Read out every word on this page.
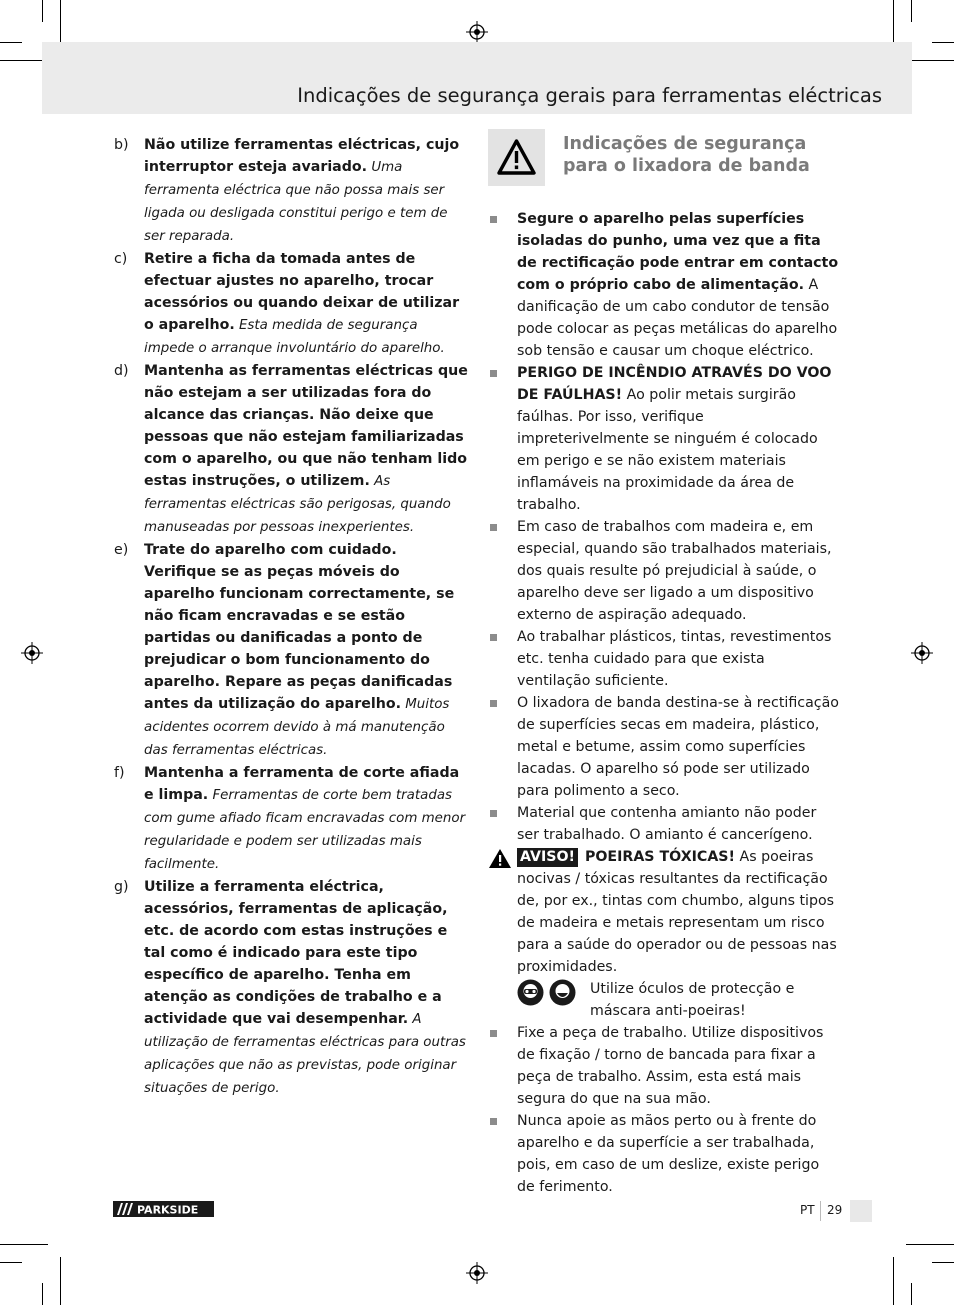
Indicações de segurança gerais para ferramentas eléctricas
b) Não utilize ferramentas eléctricas, cujo interruptor esteja avariado. Uma ferramenta eléctrica que não possa mais ser ligada ou desligada constitui perigo e tem de ser reparada.
c) Retire a ficha da tomada antes de efectuar ajustes no aparelho, trocar acessórios ou quando deixar de utilizar o aparelho. Esta medida de segurança impede o arranque involuntário do aparelho.
d) Mantenha as ferramentas eléctricas que não estejam a ser utilizadas fora do alcance das crianças. Não deixe que pessoas que não estejam familiarizadas com o aparelho, ou que não tenham lido estas instruções, o utilizem. As ferramentas eléctricas são perigosas, quando manuseadas por pessoas inexperientes.
e) Trate do aparelho com cuidado. Verifique se as peças móveis do aparelho funcionam correctamente, se não ficam encravadas e se estão partidas ou danificadas a ponto de prejudicar o bom funcionamento do aparelho. Repare as peças danificadas antes da utilização do aparelho. Muitos acidentes ocorrem devido à má manutenção das ferramentas eléctricas.
f) Mantenha a ferramenta de corte afiada e limpa. Ferramentas de corte bem tratadas com gume afiado ficam encravadas com menor regularidade e podem ser utilizadas mais facilmente.
g) Utilize a ferramenta eléctrica, acessórios, ferramentas de aplicação, etc. de acordo com estas instruções e tal como é indicado para este tipo específico de aparelho. Tenha em atenção as condições de trabalho e a actividade que vai desempenhar. A utilização de ferramentas eléctricas para outras aplicações que não as previstas, pode originar situações de perigo.
Indicações de segurança para o lixadora de banda
Segure o aparelho pelas superfícies isoladas do punho, uma vez que a fita de rectificação pode entrar em contacto com o próprio cabo de alimentação. A danificação de um cabo condutor de tensão pode colocar as peças metálicas do aparelho sob tensão e causar um choque eléctrico.
PERIGO DE INCÊNDIO ATRAVÉS DO VOO DE FAÚLHAS! Ao polir metais surgirão faúlhas. Por isso, verifique impreterivelmente se ninguém é colocado em perigo e se não existem materiais inflamáveis na proximidade da área de trabalho.
Em caso de trabalhos com madeira e, em especial, quando são trabalhados materiais, dos quais resulte pó prejudicial à saúde, o aparelho deve ser ligado a um dispositivo externo de aspiração adequado.
Ao trabalhar plásticos, tintas, revestimentos etc. tenha cuidado para que exista ventilação suficiente.
O lixadora de banda destina-se à rectificação de superfícies secas em madeira, plástico, metal e betume, assim como superfícies lacadas. O aparelho só pode ser utilizado para polimento a seco.
Material que contenha amianto não poder ser trabalhado. O amianto é cancerígeno.
AVISO! POEIRAS TÓXICAS! As poeiras nocivas / tóxicas resultantes da rectificação de, por ex., tintas com chumbo, alguns tipos de madeira e metais representam um risco para a saúde do operador ou de pessoas nas proximidades.

Utilize óculos de protecção e máscara anti-poeiras!
Fixe a peça de trabalho. Utilize dispositivos de fixação / torno de bancada para fixar a peça de trabalho. Assim, esta está mais segura do que na sua mão.
Nunca apoie as mãos perto ou à frente do aparelho e da superfície a ser trabalhada, pois, em caso de um deslize, existe perigo de ferimento.
PARKSIDE	PT 29
